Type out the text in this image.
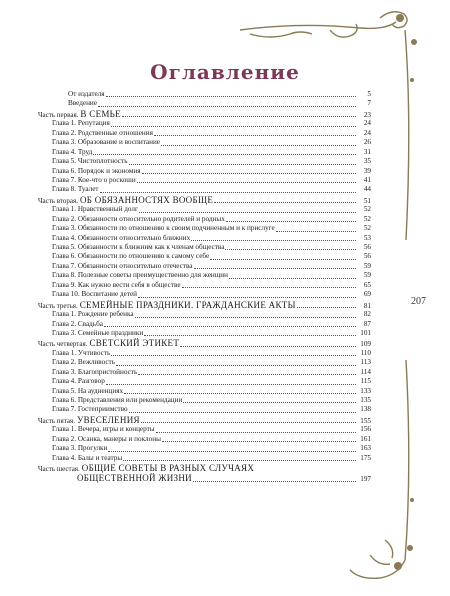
Оглавление
207
От издателя	5
Введение	7
Часть первая. В СЕМЬЕ	23
Глава 1. Репутация	24
Глава 2. Родственные отношения	24
Глава 3. Образование и воспитание	26
Глава 4. Труд	31
Глава 5. Чистоплотность	35
Глава 6. Порядок и экономия	39
Глава 7. Кое-что о роскоши	41
Глава 8. Туалет	44
Часть вторая. ОБ ОБЯЗАННОСТЯХ ВООБЩЕ	51
Глава 1. Нравственный долг	52
Глава 2. Обязанности относительно родителей и родных	52
Глава 3. Обязанности по отношению к своим подчиненным и к прислуге	52
Глава 4. Обязанности относительно ближних	53
Глава 5. Обязанности к ближним как к членам общества	56
Глава 6. Обязанности по отношению к самому себе	56
Глава 7. Обязанности относительно отечества	59
Глава 8. Полезные советы преимущественно для женщин	59
Глава 9. Как нужно вести себя в обществе	65
Глава 10. Воспитание детей	69
Часть третья. СЕМЕЙНЫЕ ПРАЗДНИКИ. ГРАЖДАНСКИЕ АКТЫ	81
Глава 1. Рождение ребенка	82
Глава 2. Свадьба	87
Глава 3. Семейные праздники	101
Часть четвертая. СВЕТСКИЙ ЭТИКЕТ	109
Глава 1. Учтивость	110
Глава 2. Вежливость	113
Глава 3. Благопристойность	114
Глава 4. Разговор	115
Глава 5. На аудиенциях	133
Глава 6. Представления или рекомендации	135
Глава 7. Гостеприимство	138
Часть пятая. УВЕСЕЛЕНИЯ	155
Глава 1. Вечера, игры и концерты	156
Глава 2. Осанка, манеры и поклоны	161
Глава 3. Прогулки	163
Глава 4. Балы и театры	175
Часть шестая. ОБЩИЕ СОВЕТЫ В РАЗНЫХ СЛУЧАЯХ
ОБЩЕСТВЕННОЙ ЖИЗНИ	197
